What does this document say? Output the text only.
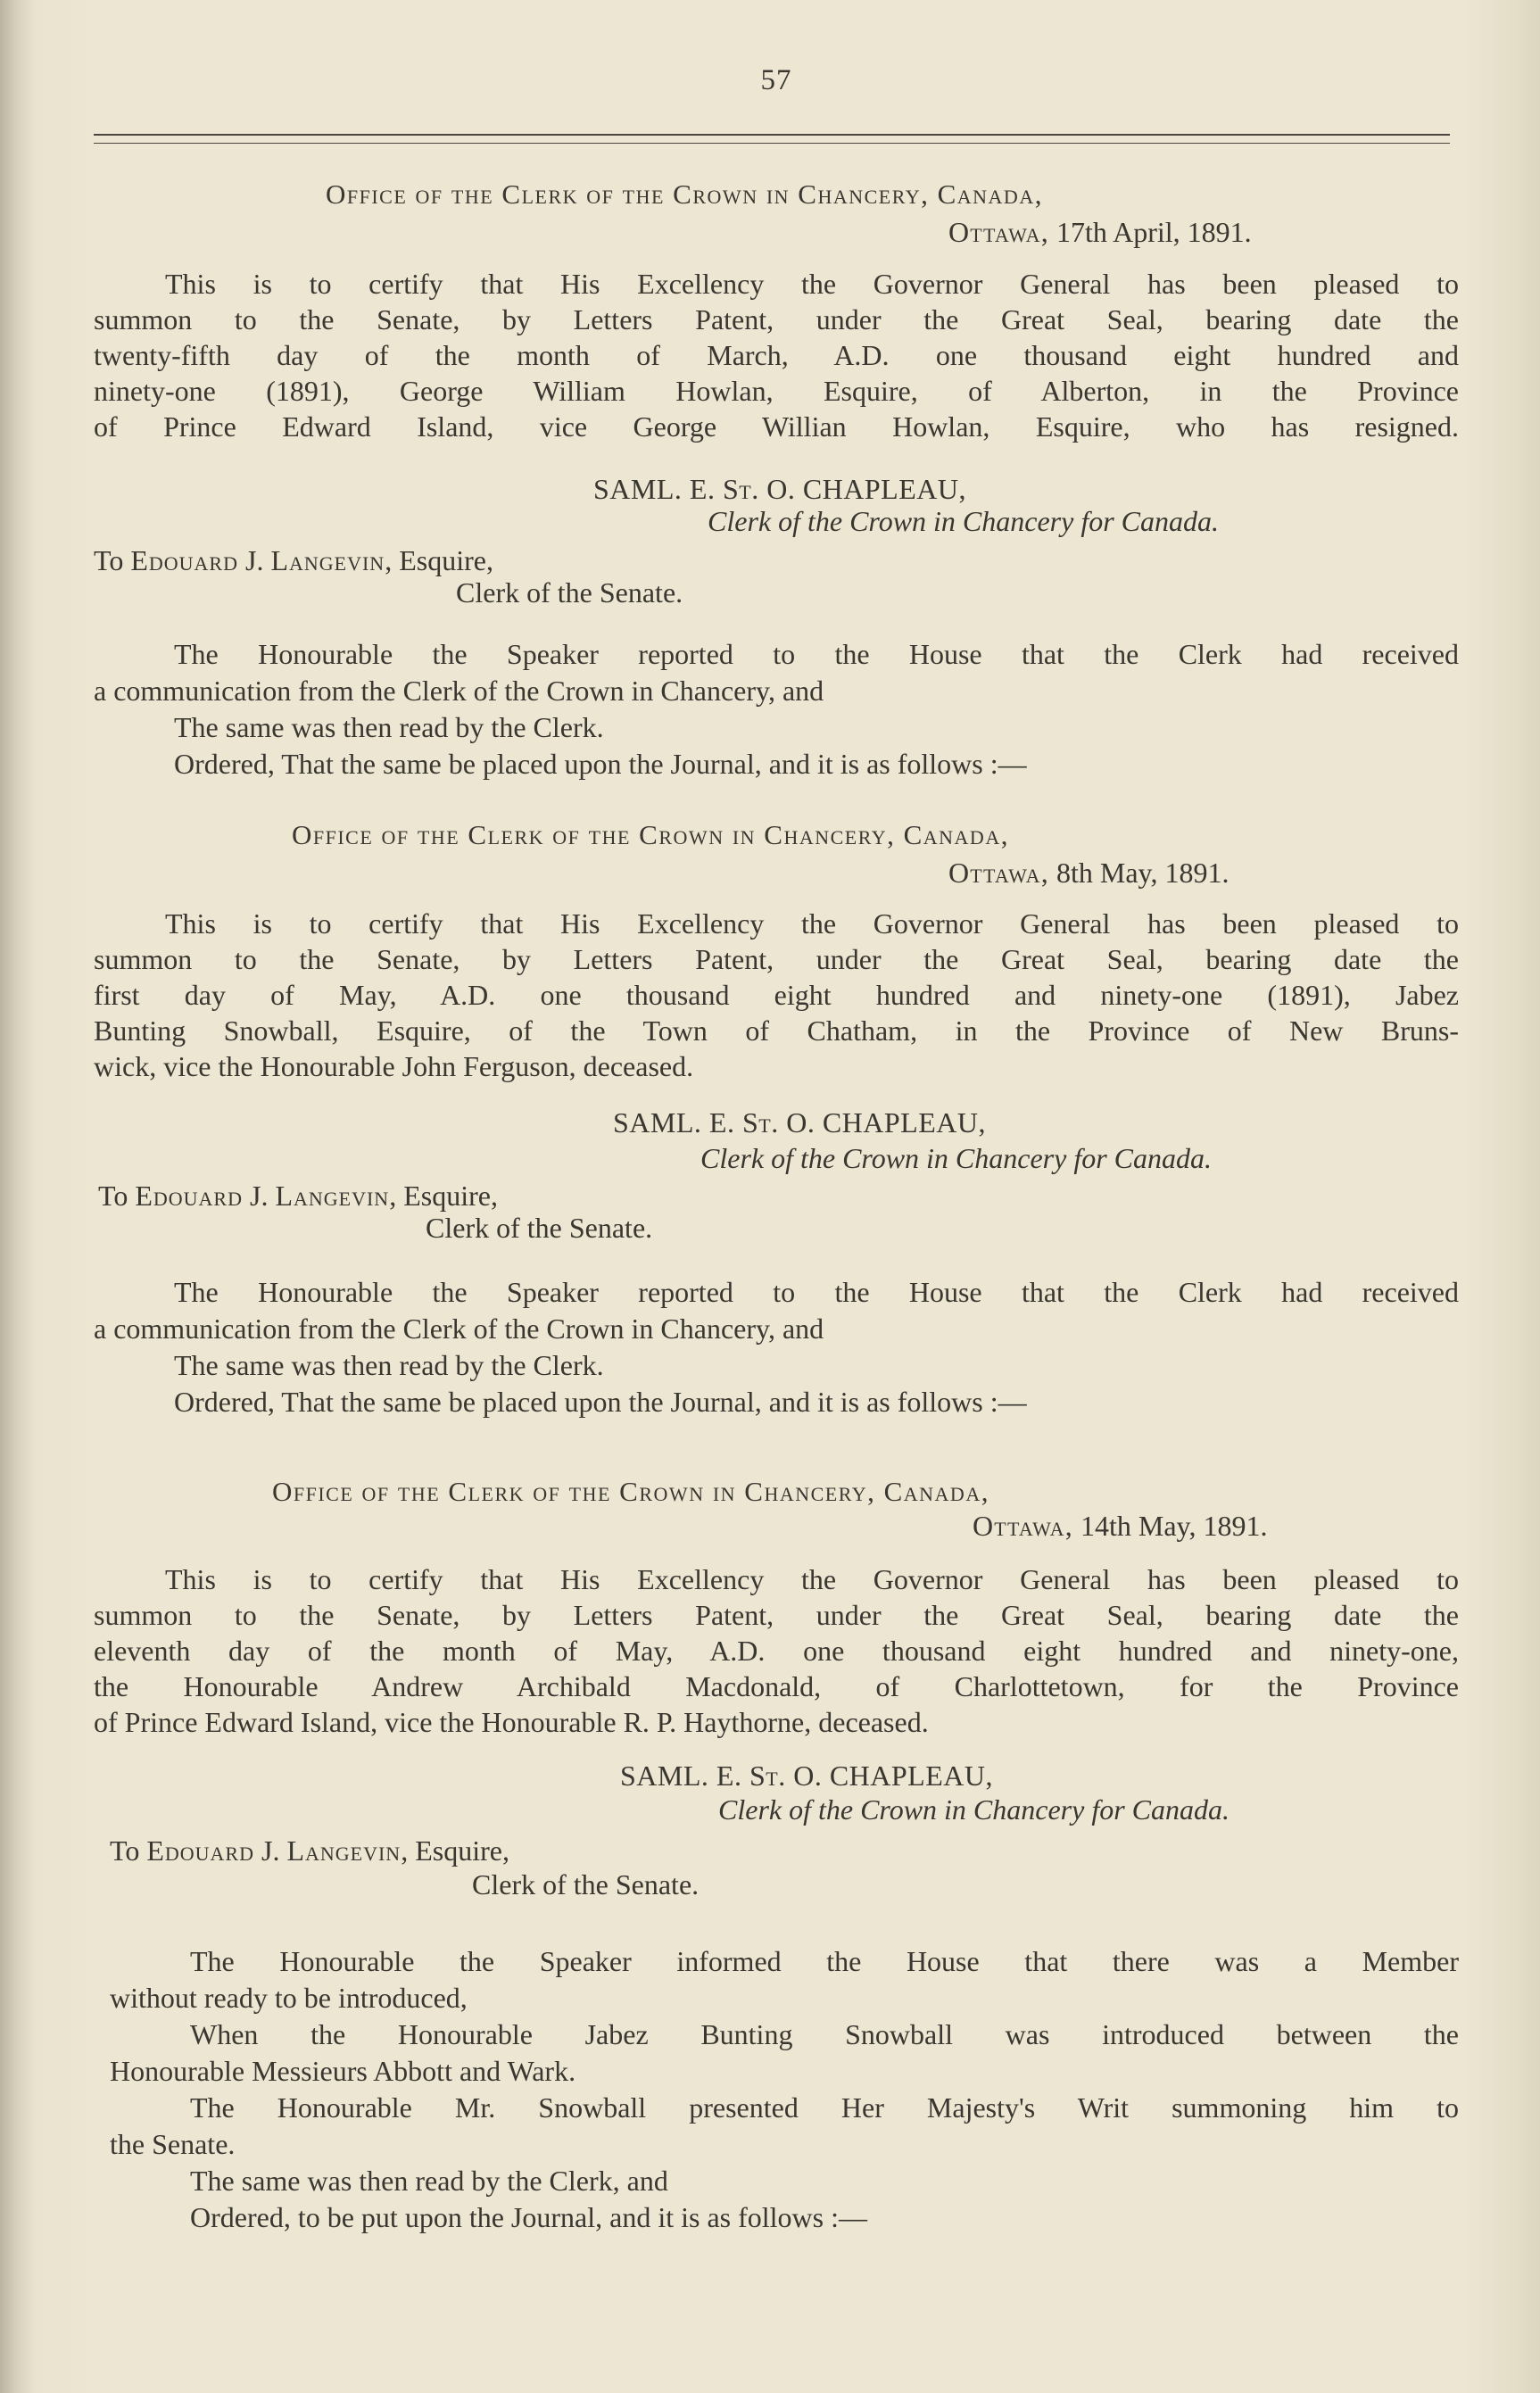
57
Office of the Clerk of the Crown in Chancery, Canada,
Ottawa, 17th April, 1891.
This is to certify that His Excellency the Governor General has been pleased to
summon to the Senate, by Letters Patent, under the Great Seal, bearing date the
twenty-fifth day of the month of March, A.D. one thousand eight hundred and
ninety-one (1891), George William Howlan, Esquire, of Alberton, in the Province
of Prince Edward Island, vice George Willian Howlan, Esquire, who has resigned.
SAML. E. St. O. CHAPLEAU,
Clerk of the Crown in Chancery for Canada.
To Edouard J. Langevin, Esquire,
Clerk of the Senate.
The Honourable the Speaker reported to the House that the Clerk had received
a communication from the Clerk of the Crown in Chancery, and
The same was then read by the Clerk.
Ordered, That the same be placed upon the Journal, and it is as follows :—
Office of the Clerk of the Crown in Chancery, Canada,
Ottawa, 8th May, 1891.
This is to certify that His Excellency the Governor General has been pleased to
summon to the Senate, by Letters Patent, under the Great Seal, bearing date the
first day of May, A.D. one thousand eight hundred and ninety-one (1891), Jabez
Bunting Snowball, Esquire, of the Town of Chatham, in the Province of New Bruns-
wick, vice the Honourable John Ferguson, deceased.
SAML. E. St. O. CHAPLEAU,
Clerk of the Crown in Chancery for Canada.
To Edouard J. Langevin, Esquire,
Clerk of the Senate.
The Honourable the Speaker reported to the House that the Clerk had received
a communication from the Clerk of the Crown in Chancery, and
The same was then read by the Clerk.
Ordered, That the same be placed upon the Journal, and it is as follows :—
Office of the Clerk of the Crown in Chancery, Canada,
Ottawa, 14th May, 1891.
This is to certify that His Excellency the Governor General has been pleased to
summon to the Senate, by Letters Patent, under the Great Seal, bearing date the
eleventh day of the month of May, A.D. one thousand eight hundred and ninety-one,
the Honourable Andrew Archibald Macdonald, of Charlottetown, for the Province
of Prince Edward Island, vice the Honourable R. P. Haythorne, deceased.
SAML. E. St. O. CHAPLEAU,
Clerk of the Crown in Chancery for Canada.
To Edouard J. Langevin, Esquire,
Clerk of the Senate.
The Honourable the Speaker informed the House that there was a Member
without ready to be introduced,
When the Honourable Jabez Bunting Snowball was introduced between the
Honourable Messieurs Abbott and Wark.
The Honourable Mr. Snowball presented Her Majesty's Writ summoning him to
the Senate.
The same was then read by the Clerk, and
Ordered, to be put upon the Journal, and it is as follows :—
